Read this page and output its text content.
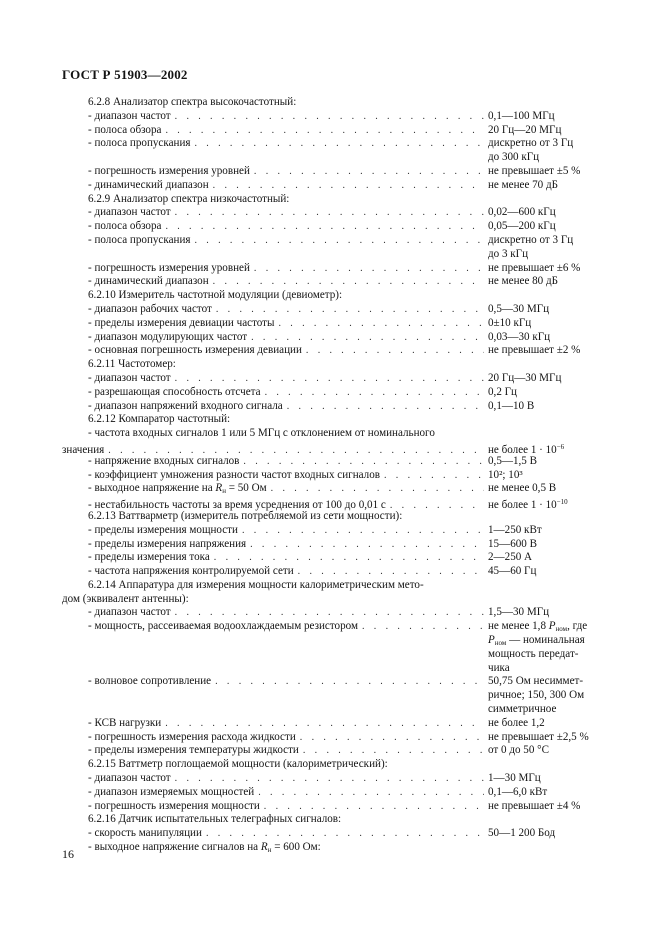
ГОСТ Р 51903—2002
6.2.8 Анализатор спектра высокочастотный:
- диапазон частот . . .	0,1—100 МГц
- полоса обзора . . .	20 Гц—20 МГц
- полоса пропускания . . .	дискретно от 3 Гц
до 300 кГц
- погрешность измерения уровней . . .	не превышает ±5 %
- динамический диапазон . . .	не менее 70 дБ
6.2.9 Анализатор спектра низкочастотный:
- диапазон частот . . .	0,02—600 кГц
- полоса обзора . . .	0,05—200 кГц
- полоса пропускания . . .	дискретно от 3 Гц
до 3 кГц
- погрешность измерения уровней . . .	не превышает ±6 %
- динамический диапазон . . .	не менее 80 дБ
6.2.10 Измеритель частотной модуляции (девиометр):
- диапазон рабочих частот . . .	0,5—30 МГц
- пределы измерения девиации частоты . . .	0±10 кГц
- диапазон модулирующих частот . . .	0,03—30 кГц
- основная погрешность измерения девиации . . .	не превышает ±2 %
6.2.11 Частотомер:
- диапазон частот . . .	20 Гц—30 МГц
- разрешающая способность отсчета . . .	0,2 Гц
- диапазон напряжений входного сигнала . . .	0,1—10 В
6.2.12 Компаратор частотный:
- частота входных сигналов 1 или 5 МГц с отклонением от номинального
значения . . .	не более $1 \cdot 10^{-6}$
- напряжение входных сигналов . . .	0,5—1,5 В
- коэффициент умножения разности частот входных сигналов . . .	10²; 10³
- выходное напряжение на $R_н = 50$ Ом . . .	не менее 0,5 В
- нестабильность частоты за время усреднения от 100 до 0,01 с . . .	не более $1 \cdot 10^{-10}$
6.2.13 Ваттварметр (измеритель потребляемой из сети мощности):
- пределы измерения мощности . . .	1—250 кВт
- пределы измерения напряжения . . .	15—600 В
- пределы измерения тока . . .	2—250 А
- частота напряжения контролируемой сети . . .	45—60 Гц
6.2.14 Аппаратура для измерения мощности калориметрическим мето-
дом (эквивалент антенны):
- диапазон частот . . .	1,5—30 МГц
- мощность, рассеиваемая водоохлаждаемым резистором . . .	не менее 1,8 $P_{ном}$, где
$P_{ном}$ — номинальная
мощность передат-
чика
- волновое сопротивление . . .	50,75 Ом несиммет-
ричное; 150, 300 Ом
симметричное
- КСВ нагрузки . . .	не более 1,2
- погрешность измерения расхода жидкости . . .	не превышает ±2,5 %
- пределы измерения температуры жидкости . . .	от 0 до 50 °С
6.2.15 Ваттметр поглощаемой мощности (калориметрический):
- диапазон частот . . .	1—30 МГц
- диапазон измеряемых мощностей . . .	0,1—6,0 кВт
- погрешность измерения мощности . . .	не превышает ±4 %
6.2.16 Датчик испытательных телеграфных сигналов:
- скорость манипуляции . . .	50—1 200 Бод
- выходное напряжение сигналов на $R_н = 600$ Ом:
16
